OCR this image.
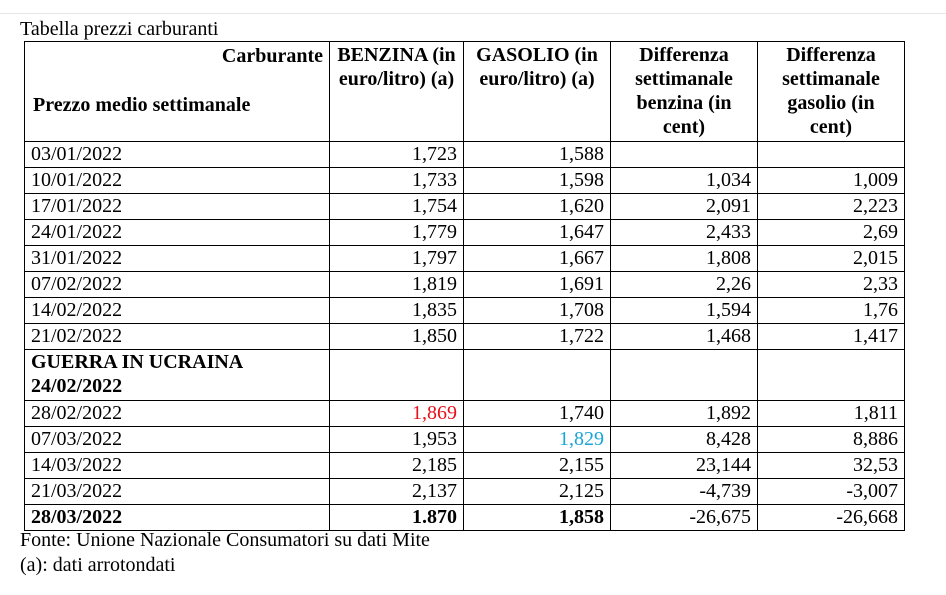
Tabella prezzi carburanti
Carburante
Prezzo medio settimanale	BENZINA (in euro/litro) (a)	GASOLIO (in euro/litro) (a)	Differenza settimanale benzina (in cent)	Differenza settimanale gasolio (in cent)
03/01/2022	1,723	1,588		
10/01/2022	1,733	1,598	1,034	1,009
17/01/2022	1,754	1,620	2,091	2,223
24/01/2022	1,779	1,647	2,433	2,69
31/01/2022	1,797	1,667	1,808	2,015
07/02/2022	1,819	1,691	2,26	2,33
14/02/2022	1,835	1,708	1,594	1,76
21/02/2022	1,850	1,722	1,468	1,417
GUERRA IN UCRAINA 24/02/2022				
28/02/2022	1,869	1,740	1,892	1,811
07/03/2022	1,953	1,829	8,428	8,886
14/03/2022	2,185	2,155	23,144	32,53
21/03/2022	2,137	2,125	-4,739	-3,007
28/03/2022	1.870	1,858	-26,675	-26,668
Fonte: Unione Nazionale Consumatori su dati Mite
(a): dati arrotondati
